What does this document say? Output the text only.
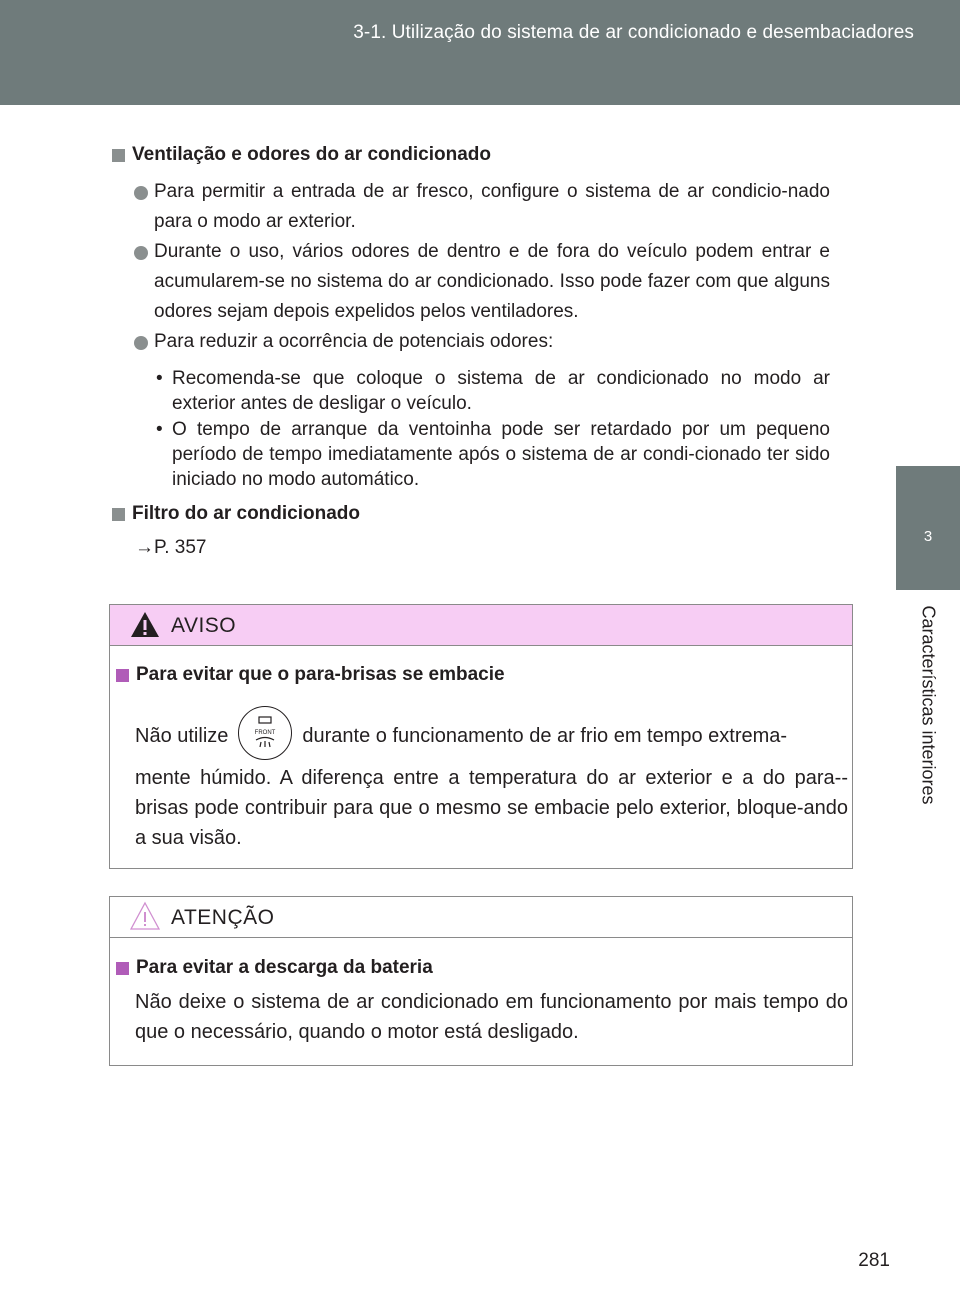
3-1. Utilização do sistema de ar condicionado e desembaciadores
3
Características interiores
Ventilação e odores do ar condicionado
Para permitir a entrada de ar fresco, configure o sistema de ar condicio-nado para o modo ar exterior.
Durante o uso, vários odores de dentro e de fora do veículo podem entrar e acumularem-se no sistema do ar condicionado. Isso pode fazer com que alguns odores sejam depois expelidos pelos ventiladores.
Para reduzir a ocorrência de potenciais odores:
• Recomenda-se que coloque o sistema de ar condicionado no modo ar exterior antes de desligar o veículo.
• O tempo de arranque da ventoinha pode ser retardado por um pequeno período de tempo imediatamente após o sistema de ar condi-cionado ter sido iniciado no modo automático.
Filtro do ar condicionado
→P. 357
AVISO
Para evitar que o para-brisas se embacie
Não utilize	FRONT durante o funcionamento de ar frio em tempo extrema-
mente húmido. A diferença entre a temperatura do ar exterior e a do para--brisas pode contribuir para que o mesmo se embacie pelo exterior, bloque-ando a sua visão.
ATENÇÃO
Para evitar a descarga da bateria
Não deixe o sistema de ar condicionado em funcionamento por mais tempo do que o necessário, quando o motor está desligado.
281
